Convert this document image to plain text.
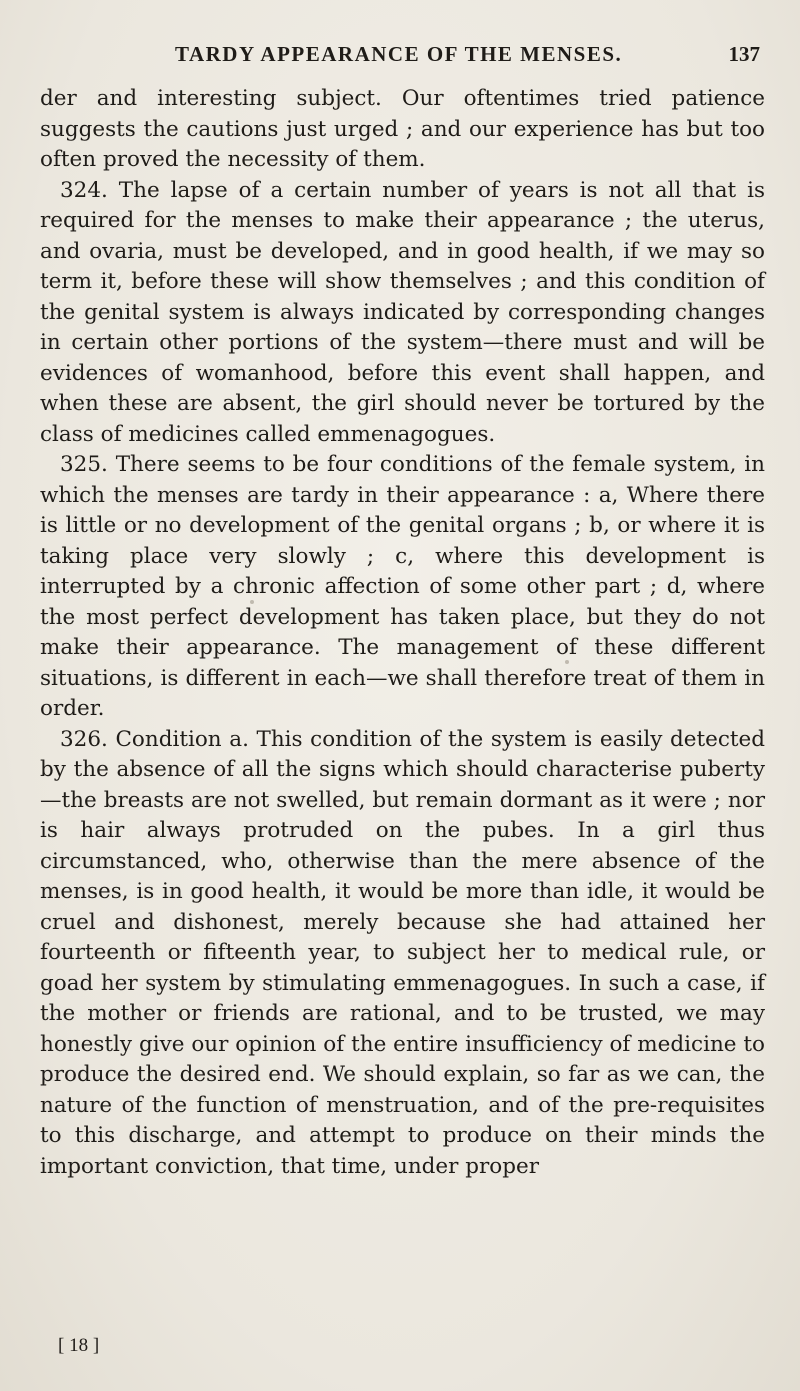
TARDY APPEARANCE OF THE MENSES.	137

der and interesting subject. Our oftentimes tried patience suggests the cautions just urged ; and our experience has but too often proved the necessity of them.

324. The lapse of a certain number of years is not all that is required for the menses to make their appearance ; the uterus, and ovaria, must be developed, and in good health, if we may so term it, before these will show themselves ; and this condition of the genital system is always indicated by corresponding changes in certain other portions of the system—there must and will be evidences of womanhood, before this event shall happen, and when these are absent, the girl should never be tortured by the class of medicines called emmenagogues.

325. There seems to be four conditions of the female system, in which the menses are tardy in their appearance : a, Where there is little or no development of the genital organs ; b, or where it is taking place very slowly ; c, where this development is interrupted by a chronic affection of some other part ; d, where the most perfect development has taken place, but they do not make their appearance. The management of these different situations, is different in each—we shall therefore treat of them in order.

326. Condition a. This condition of the system is easily detected by the absence of all the signs which should characterise puberty—the breasts are not swelled, but remain dormant as it were ; nor is hair always protruded on the pubes. In a girl thus circumstanced, who, otherwise than the mere absence of the menses, is in good health, it would be more than idle, it would be cruel and dishonest, merely because she had attained her fourteenth or fifteenth year, to subject her to medical rule, or goad her system by stimulating emmenagogues. In such a case, if the mother or friends are rational, and to be trusted, we may honestly give our opinion of the entire insufficiency of medicine to produce the desired end. We should explain, so far as we can, the nature of the function of menstruation, and of the pre-requisites to this discharge, and attempt to produce on their minds the important conviction, that time, under proper

[ 18 ]
